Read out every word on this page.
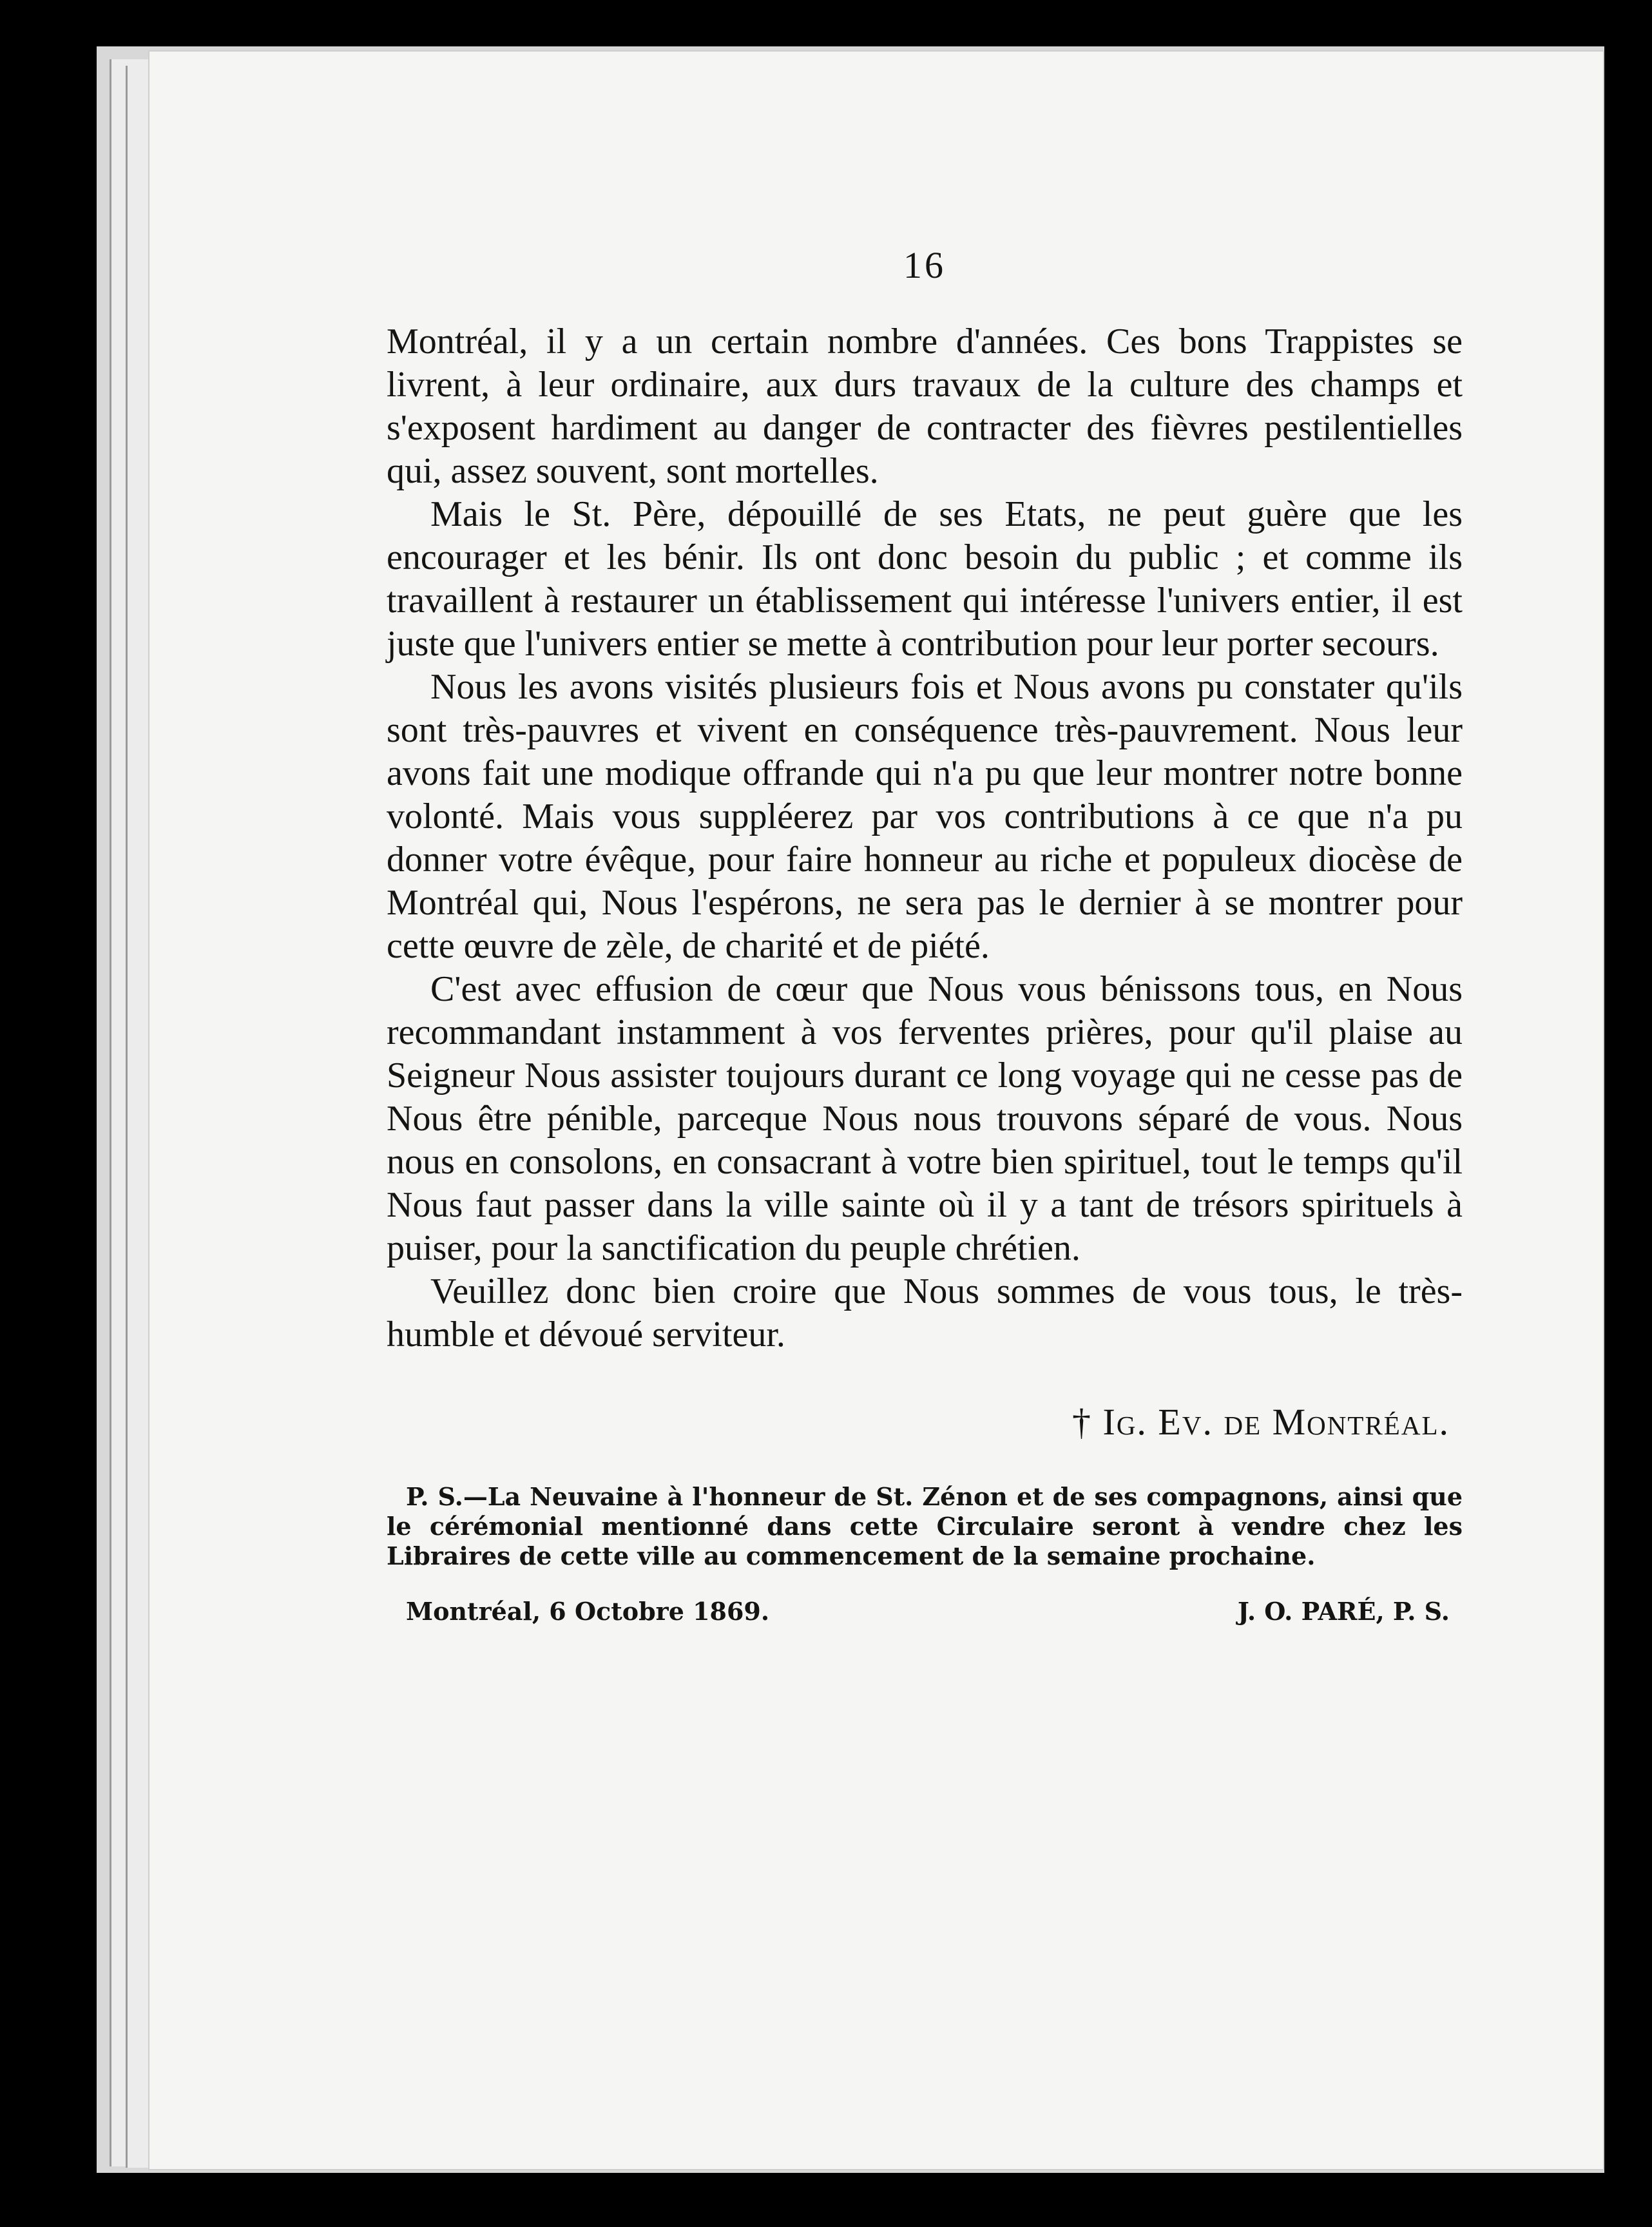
16

Montréal, il y a un certain nombre d'années. Ces bons Trappistes se livrent, à leur ordinaire, aux durs travaux de la culture des champs et s'exposent hardiment au danger de contracter des fièvres pestilentielles qui, assez souvent, sont mortelles.

Mais le St. Père, dépouillé de ses Etats, ne peut guère que les encourager et les bénir. Ils ont donc besoin du public ; et comme ils travaillent à restaurer un établissement qui intéresse l'univers entier, il est juste que l'univers entier se mette à contribution pour leur porter secours.

Nous les avons visités plusieurs fois et Nous avons pu constater qu'ils sont très-pauvres et vivent en conséquence très-pauvrement. Nous leur avons fait une modique offrande qui n'a pu que leur montrer notre bonne volonté. Mais vous suppléerez par vos contributions à ce que n'a pu donner votre évêque, pour faire honneur au riche et populeux diocèse de Montréal qui, Nous l'espérons, ne sera pas le dernier à se montrer pour cette œuvre de zèle, de charité et de piété.

C'est avec effusion de cœur que Nous vous bénissons tous, en Nous recommandant instamment à vos ferventes prières, pour qu'il plaise au Seigneur Nous assister toujours durant ce long voyage qui ne cesse pas de Nous être pénible, parceque Nous nous trouvons séparé de vous. Nous nous en consolons, en consacrant à votre bien spirituel, tout le temps qu'il Nous faut passer dans la ville sainte où il y a tant de trésors spirituels à puiser, pour la sanctification du peuple chrétien.

Veuillez donc bien croire que Nous sommes de vous tous, le très-humble et dévoué serviteur.

† Ig. Ev. de Montréal.

P. S.—La Neuvaine à l'honneur de St. Zénon et de ses compagnons, ainsi que le cérémonial mentionné dans cette Circulaire seront à vendre chez les Libraires de cette ville au commencement de la semaine prochaine.

Montréal, 6 Octobre 1869.	J. O. PARÉ, P. S.
